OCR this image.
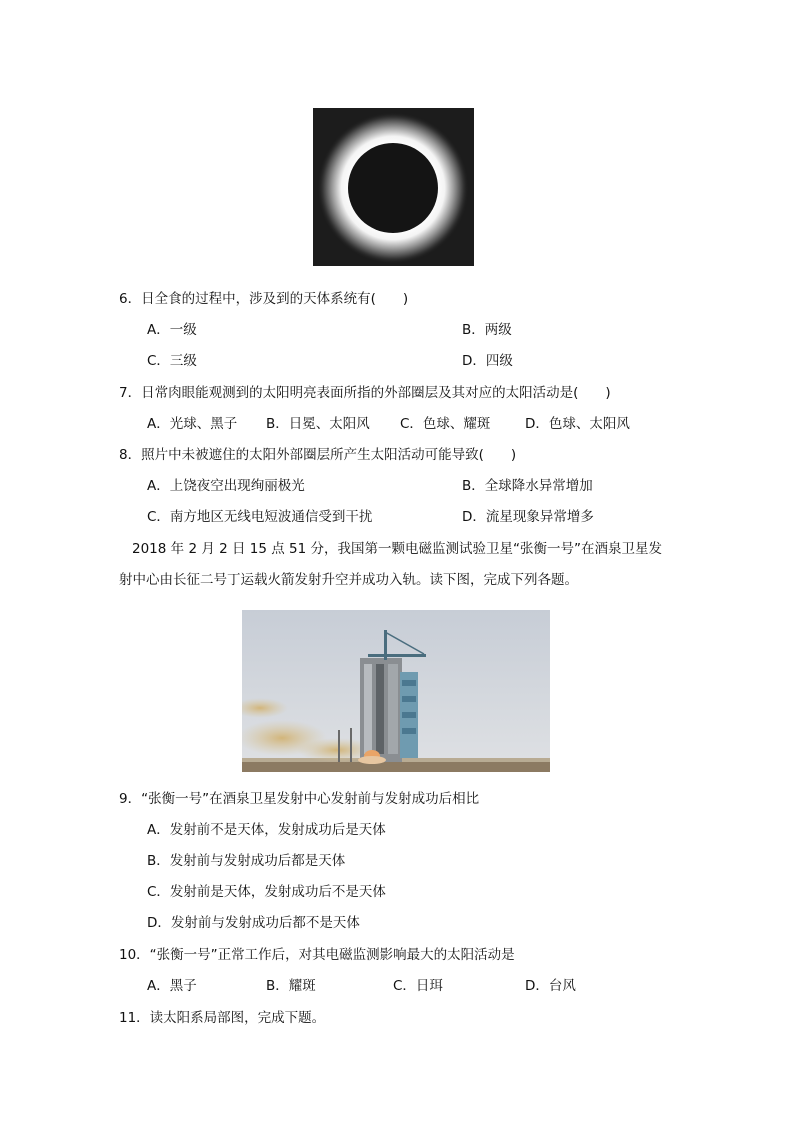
6．日全食的过程中，涉及到的天体系统有(　　)
A．一级	B．两级
C．三级	D．四级
7．日常肉眼能观测到的太阳明亮表面所指的外部圈层及其对应的太阳活动是(　　)
A．光球、黑子 B．日冕、太阳风 C．色球、耀斑	D．色球、太阳风
8．照片中未被遮住的太阳外部圈层所产生太阳活动可能导致(　　)
A．上饶夜空出现绚丽极光	B．全球降水异常增加
C．南方地区无线电短波通信受到干扰	D．流星现象异常增多
2018 年 2 月 2 日 15 点 51 分，我国第一颗电磁监测试验卫星“张衡一号”在酒泉卫星发
射中心由长征二号丁运载火箭发射升空并成功入轨。读下图，完成下列各题。
9．“张衡一号”在酒泉卫星发射中心发射前与发射成功后相比
A．发射前不是天体，发射成功后是天体
B．发射前与发射成功后都是天体
C．发射前是天体，发射成功后不是天体
D．发射前与发射成功后都不是天体
10．“张衡一号”正常工作后，对其电磁监测影响最大的太阳活动是
A．黑子	B．耀斑	C．日珥	D．台风
11．读太阳系局部图，完成下题。
